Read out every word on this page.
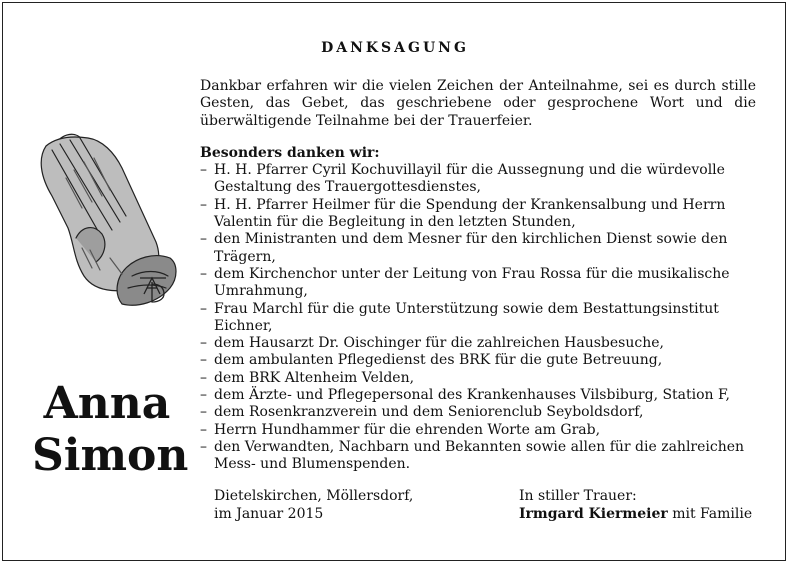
DANKSAGUNG
Anna
Simon

Dankbar erfahren wir die vielen Zeichen der Anteilnahme, sei es durch stille Gesten, das Gebet, das geschriebene oder gesprochene Wort und die überwältigende Teilnahme bei der Trauerfeier.

Besonders danken wir:

– H. H. Pfarrer Cyril Kochuvillayil für die Aussegnung und die würdevolle Gestaltung des Trauergottesdienstes,
– H. H. Pfarrer Heilmer für die Spendung der Krankensalbung und Herrn Valentin für die Begleitung in den letzten Stunden,
– den Ministranten und dem Mesner für den kirchlichen Dienst sowie den Trägern,
– dem Kirchenchor unter der Leitung von Frau Rossa für die musikalische Umrahmung,
– Frau Marchl für die gute Unterstützung sowie dem Bestattungsinstitut Eichner,
– dem Hausarzt Dr. Oischinger für die zahlreichen Hausbesuche,
– dem ambulanten Pflegedienst des BRK für die gute Betreuung,
– dem BRK Altenheim Velden,
– dem Ärzte- und Pflegepersonal des Krankenhauses Vilsbiburg, Station F,
– dem Rosenkranzverein und dem Seniorenclub Seyboldsdorf,
– Herrn Hundhammer für die ehrenden Worte am Grab,
– den Verwandten, Nachbarn und Bekannten sowie allen für die zahlreichen Mess- und Blumenspenden.
Dietelskirchen, Möllersdorf,
im Januar 2015
In stiller Trauer:
Irmgard Kiermeier mit Familie
